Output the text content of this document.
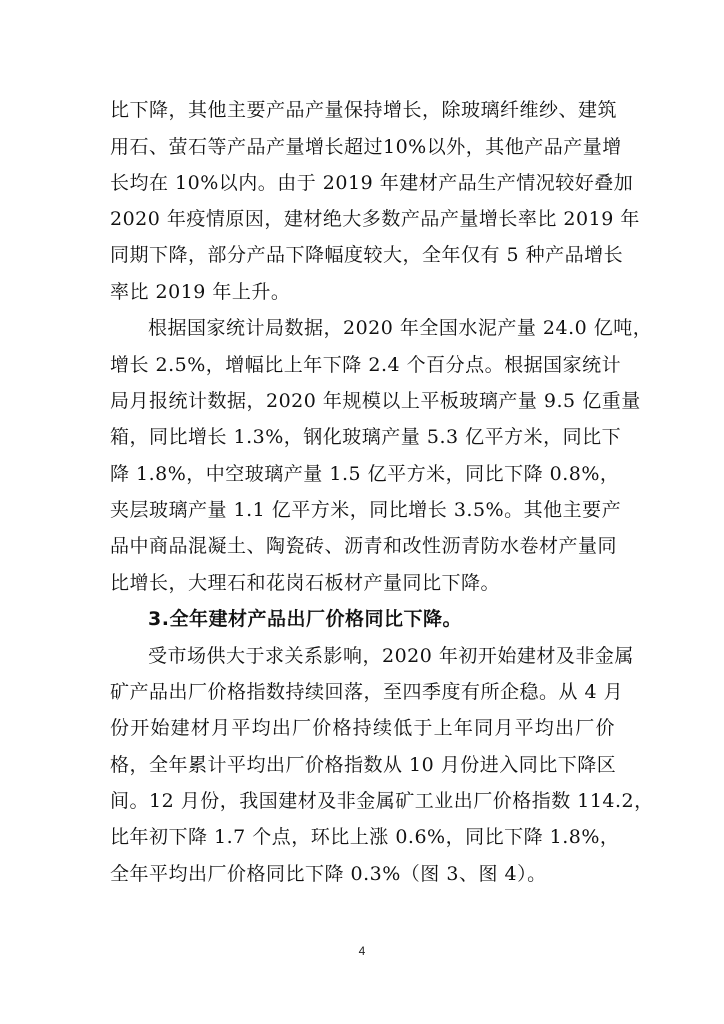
比下降，其他主要产品产量保持增长，除玻璃纤维纱、建筑
用石、萤石等产品产量增长超过10%以外，其他产品产量增
长均在 10%以内。由于 2019 年建材产品生产情况较好叠加
2020 年疫情原因，建材绝大多数产品产量增长率比 2019 年
同期下降，部分产品下降幅度较大，全年仅有 5 种产品增长
率比 2019 年上升。
根据国家统计局数据，2020 年全国水泥产量 24.0 亿吨，
增长 2.5%，增幅比上年下降 2.4 个百分点。根据国家统计
局月报统计数据，2020 年规模以上平板玻璃产量 9.5 亿重量
箱，同比增长 1.3%，钢化玻璃产量 5.3 亿平方米，同比下
降 1.8%，中空玻璃产量 1.5 亿平方米，同比下降 0.8%，
夹层玻璃产量 1.1 亿平方米，同比增长 3.5%。其他主要产
品中商品混凝土、陶瓷砖、沥青和改性沥青防水卷材产量同
比增长，大理石和花岗石板材产量同比下降。
3.全年建材产品出厂价格同比下降。
受市场供大于求关系影响，2020 年初开始建材及非金属
矿产品出厂价格指数持续回落，至四季度有所企稳。从 4 月
份开始建材月平均出厂价格持续低于上年同月平均出厂价
格，全年累计平均出厂价格指数从 10 月份进入同比下降区
间。12 月份，我国建材及非金属矿工业出厂价格指数 114.2，
比年初下降 1.7 个点，环比上涨 0.6%，同比下降 1.8%，
全年平均出厂价格同比下降 0.3%（图 3、图 4）。
4
